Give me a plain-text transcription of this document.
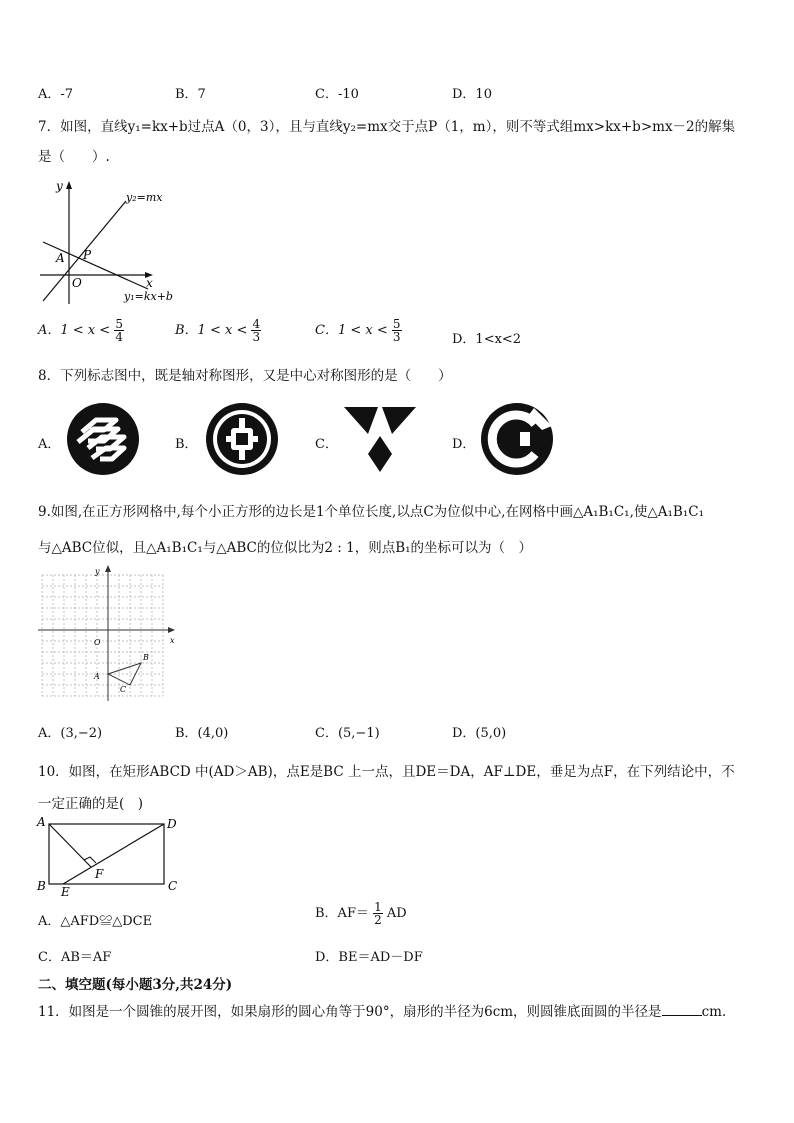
A．-7	B．7	C．-10	D．10
7．如图，直线y₁=kx+b过点A（0，3），且与直线y₂=mx交于点P（1，m），则不等式组mx>kx+b>mx－2的解集
是（　　）.
y
x
O
A P
y₂=mx
y₁=kx+b
A．$1 < x < \frac{5}{4}$	B．$1 < x < \frac{4}{3}$	C．$1 < x < \frac{5}{3}$	D．1<x<2
8．下列标志图中，既是轴对称图形，又是中心对称图形的是（　　）
A．	B．	C．	D．
9.如图,在正方形网格中,每个小正方形的边长是1个单位长度,以点C为位似中心,在网格中画△A₁B₁C₁,使△A₁B₁C₁
与△ABC位似，且△A₁B₁C₁与△ABC的位似比为2 : 1，则点B₁的坐标可以为（　）
y
x
O
A
B
C
A．(3,−2)	B．(4,0)	C．(5,−1)	D．(5,0)
10．如图，在矩形ABCD 中(AD＞AB)，点E是BC 上一点，且DE＝DA，AF⊥DE，垂足为点F，在下列结论中，不
一定正确的是(　)
A
B	C
D
E
F
A．△AFD≌△DCE
B．$AF= \frac{1}{2}$ AD
C．AB＝AF	D．BE＝AD－DF
二、填空题(每小题3分,共24分)
11．如图是一个圆锥的展开图，如果扇形的圆心角等于90°，扇形的半径为6cm，则圆锥底面圆的半径是	cm.
